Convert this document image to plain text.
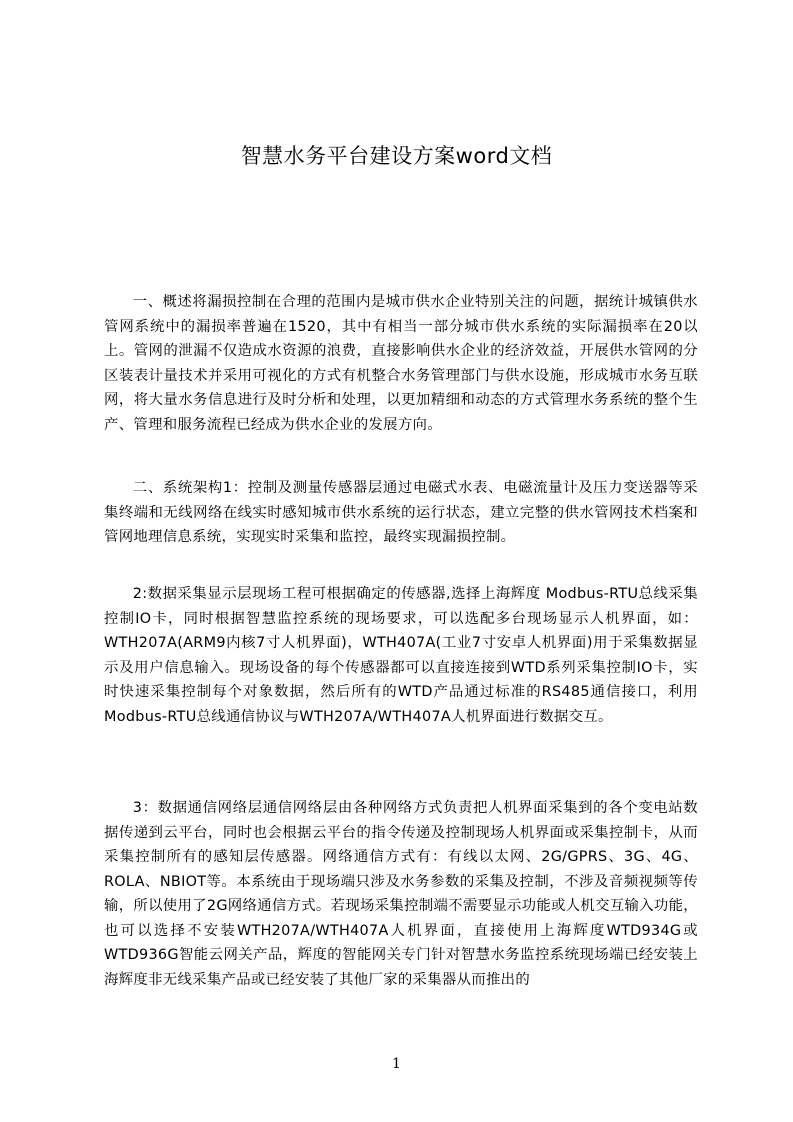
智慧水务平台建设方案word文档

一、概述将漏损控制在合理的范围内是城市供水企业特别关注的问题，据统计城镇供水管网系统中的漏损率普遍在1520，其中有相当一部分城市供水系统的实际漏损率在20以上。管网的泄漏不仅造成水资源的浪费，直接影响供水企业的经济效益，开展供水管网的分区装表计量技术并采用可视化的方式有机整合水务管理部门与供水设施，形成城市水务互联网，将大量水务信息进行及时分析和处理，以更加精细和动态的方式管理水务系统的整个生产、管理和服务流程已经成为供水企业的发展方向。

二、系统架构1：控制及测量传感器层通过电磁式水表、电磁流量计及压力变送器等采集终端和无线网络在线实时感知城市供水系统的运行状态，建立完整的供水管网技术档案和管网地理信息系统，实现实时采集和监控，最终实现漏损控制。

2:数据采集显示层现场工程可根据确定的传感器,选择上海辉度 Modbus-RTU总线采集控制IO卡，同时根据智慧监控系统的现场要求，可以选配多台现场显示人机界面，如：WTH207A(ARM9内核7寸人机界面)，WTH407A(工业7寸安卓人机界面)用于采集数据显示及用户信息输入。现场设备的每个传感器都可以直接连接到WTD系列采集控制IO卡，实时快速采集控制每个对象数据，然后所有的WTD产品通过标准的RS485通信接口，利用Modbus-RTU总线通信协议与WTH207A/WTH407A人机界面进行数据交互。

3：数据通信网络层通信网络层由各种网络方式负责把人机界面采集到的各个变电站数据传递到云平台，同时也会根据云平台的指令传递及控制现场人机界面或采集控制卡，从而采集控制所有的感知层传感器。网络通信方式有：有线以太网、2G/GPRS、3G、4G、ROLA、NBIOT等。本系统由于现场端只涉及水务参数的采集及控制，不涉及音频视频等传输，所以使用了2G网络通信方式。若现场采集控制端不需要显示功能或人机交互输入功能，也可以选择不安装WTH207A/WTH407A人机界面，直接使用上海辉度WTD934G或WTD936G智能云网关产品，辉度的智能网关专门针对智慧水务监控系统现场端已经安装上海辉度非无线采集产品或已经安装了其他厂家的采集器从而推出的

1
